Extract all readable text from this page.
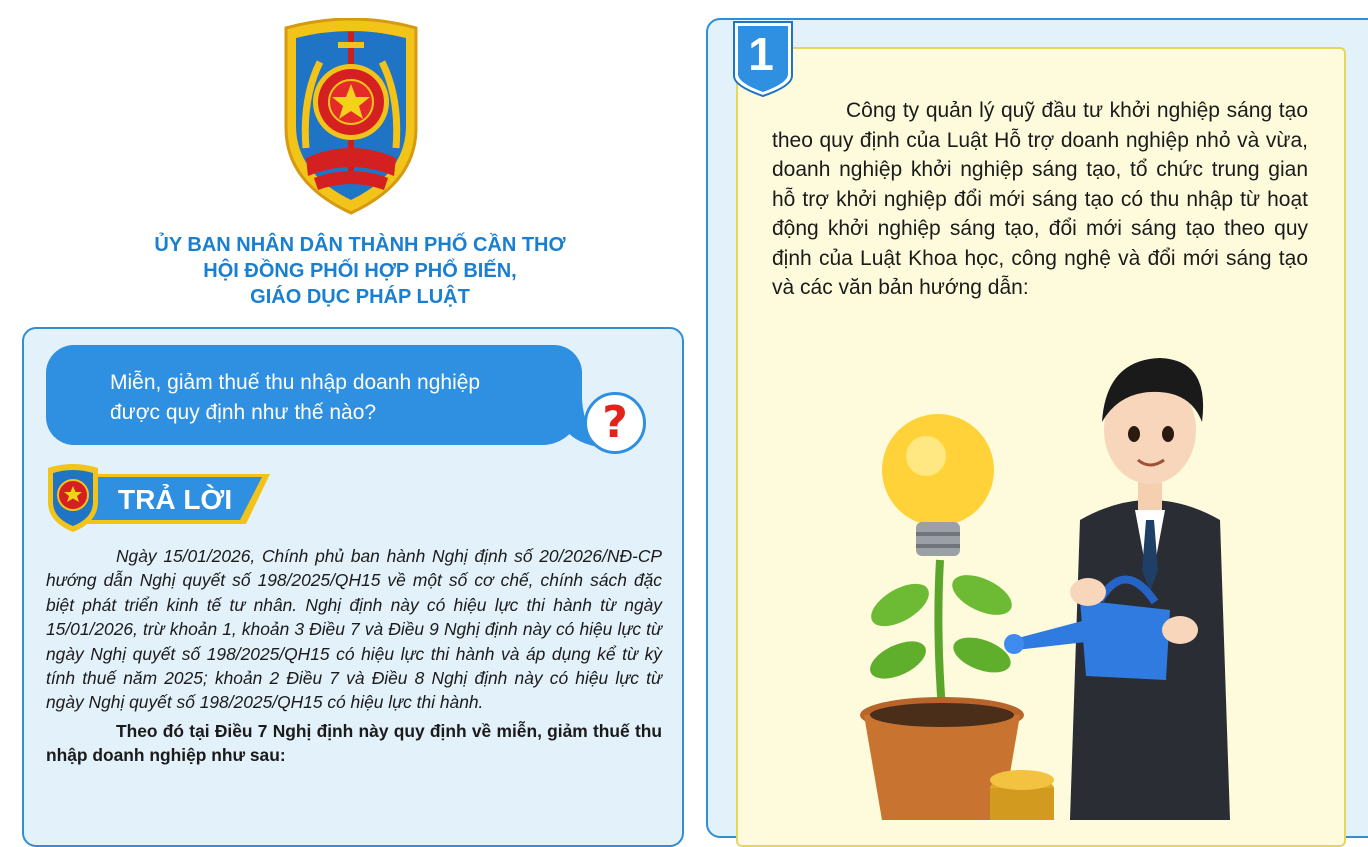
ỦY BAN NHÂN DÂN THÀNH PHỐ CẦN THƠ
HỘI ĐỒNG PHỐI HỢP PHỔ BIẾN,
GIÁO DỤC PHÁP LUẬT
Miễn, giảm thuế thu nhập doanh nghiệp
được quy định như thế nào?	?
TRẢ LỜI

Ngày 15/01/2026, Chính phủ ban hành Nghị định số 20/2026/NĐ-CP hướng dẫn Nghị quyết số 198/2025/QH15 về một số cơ chế, chính sách đặc biệt phát triển kinh tế tư nhân. Nghị định này có hiệu lực thi hành từ ngày 15/01/2026, trừ khoản 1, khoản 3 Điều 7 và Điều 9 Nghị định này có hiệu lực từ ngày Nghị quyết số 198/2025/QH15 có hiệu lực thi hành và áp dụng kể từ kỳ tính thuế năm 2025; khoản 2 Điều 7 và Điều 8 Nghị định này có hiệu lực từ ngày Nghị quyết số 198/2025/QH15 có hiệu lực thi hành.

Theo đó tại Điều 7 Nghị định này quy định về miễn, giảm thuế thu nhập doanh nghiệp như sau:

1
Công ty quản lý quỹ đầu tư khởi nghiệp sáng tạo theo quy định của Luật Hỗ trợ doanh nghiệp nhỏ và vừa, doanh nghiệp khởi nghiệp sáng tạo, tổ chức trung gian hỗ trợ khởi nghiệp đổi mới sáng tạo có thu nhập từ hoạt động khởi nghiệp sáng tạo, đổi mới sáng tạo theo quy định của Luật Khoa học, công nghệ và đổi mới sáng tạo và các văn bản hướng dẫn:
